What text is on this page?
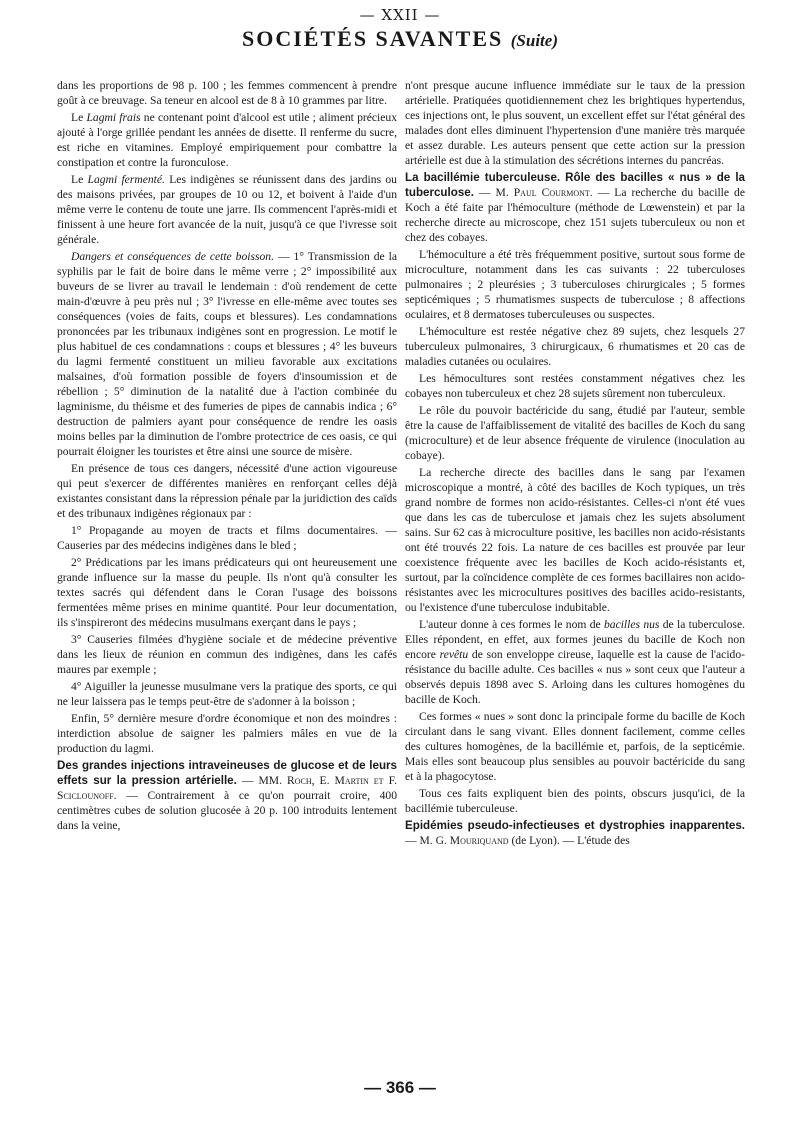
— XXII —
SOCIÉTÉS SAVANTES (Suite)

dans les proportions de 98 p. 100 ; les femmes commencent à prendre goût à ce breuvage. Sa teneur en alcool est de 8 à 10 grammes par litre.

Le Lagmi frais ne contenant point d'alcool est utile ; aliment précieux ajouté à l'orge grillée pendant les années de disette. Il renferme du sucre, est riche en vitamines. Employé empiriquement pour combattre la constipation et contre la furonculose.

Le Lagmi fermenté. Les indigènes se réunissent dans des jardins ou des maisons privées, par groupes de 10 ou 12, et boivent à l'aide d'un même verre le contenu de toute une jarre. Ils commencent l'après-midi et finissent à une heure fort avancée de la nuit, jusqu'à ce que l'ivresse soit générale.

Dangers et conséquences de cette boisson. — 1° Transmission de la syphilis par le fait de boire dans le même verre ; 2° impossibilité aux buveurs de se livrer au travail le lendemain : d'où rendement de cette main-d'œuvre à peu près nul ; 3° l'ivresse en elle-même avec toutes ses conséquences (voies de faits, coups et blessures). Les condamnations prononcées par les tribunaux indigènes sont en progression. Le motif le plus habituel de ces condamnations : coups et blessures ; 4° les buveurs du lagmi fermenté constituent un milieu favorable aux excitations malsaines, d'où formation possible de foyers d'insoumission et de rébellion ; 5° diminution de la natalité due à l'action combinée du lagminisme, du théisme et des fumeries de pipes de cannabis indica ; 6° destruction de palmiers ayant pour conséquence de rendre les oasis moins belles par la diminution de l'ombre protectrice de ces oasis, ce qui pourrait éloigner les touristes et être ainsi une source de misère.

En présence de tous ces dangers, nécessité d'une action vigoureuse qui peut s'exercer de différentes manières en renforçant celles déjà existantes consistant dans la répression pénale par la juridiction des caïds et des tribunaux indigènes régionaux par :

1° Propagande au moyen de tracts et films documentaires. — Causeries par des médecins indigènes dans le bled ;

2° Prédications par les imans prédicateurs qui ont heureusement une grande influence sur la masse du peuple. Ils n'ont qu'à consulter les textes sacrés qui défendent dans le Coran l'usage des boissons fermentées même prises en minime quantité. Pour leur documentation, ils s'inspireront des médecins musulmans exerçant dans le pays ;

3° Causeries filmées d'hygiène sociale et de médecine préventive dans les lieux de réunion en commun des indigènes, dans les cafés maures par exemple ;

4° Aiguiller la jeunesse musulmane vers la pratique des sports, ce qui ne leur laissera pas le temps peut-être de s'adonner à la boisson ;

Enfin, 5° dernière mesure d'ordre économique et non des moindres : interdiction absolue de saigner les palmiers mâles en vue de la production du lagmi.

Des grandes injections intraveineuses de glucose et de leurs effets sur la pression artérielle. — MM. Roch, E. Martin et F. Sciclounoff. — Contrairement à ce qu'on pourrait croire, 400 centimètres cubes de solution glucosée à 20 p. 100 introduits lentement dans la veine,

n'ont presque aucune influence immédiate sur le taux de la pression artérielle. Pratiquées quotidiennement chez les brightiques hypertendus, ces injections ont, le plus souvent, un excellent effet sur l'état général des malades dont elles diminuent l'hypertension d'une manière très marquée et assez durable. Les auteurs pensent que cette action sur la pression artérielle est due à la stimulation des sécrétions internes du pancréas.

La bacillémie tuberculeuse. Rôle des bacilles « nus » de la tuberculose. — M. Paul Courmont. — La recherche du bacille de Koch a été faite par l'hémoculture (méthode de Lœwenstein) et par la recherche directe au microscope, chez 151 sujets tuberculeux ou non et chez des cobayes.

L'hémoculture a été très fréquemment positive, surtout sous forme de microculture, notamment dans les cas suivants : 22 tuberculoses pulmonaires ; 2 pleurésies ; 3 tuberculoses chirurgicales ; 5 formes septicémiques ; 5 rhumatismes suspects de tuberculose ; 8 affections oculaires, et 8 dermatoses tuberculeuses ou suspectes.

L'hémoculture est restée négative chez 89 sujets, chez lesquels 27 tuberculeux pulmonaires, 3 chirurgicaux, 6 rhumatismes et 20 cas de maladies cutanées ou oculaires.

Les hémocultures sont restées constamment négatives chez les cobayes non tuberculeux et chez 28 sujets sûrement non tuberculeux.

Le rôle du pouvoir bactéricide du sang, étudié par l'auteur, semble être la cause de l'affaiblissement de vitalité des bacilles de Koch du sang (microculture) et de leur absence fréquente de virulence (inoculation au cobaye).

La recherche directe des bacilles dans le sang par l'examen microscopique a montré, à côté des bacilles de Koch typiques, un très grand nombre de formes non acido-résistantes. Celles-ci n'ont été vues que dans les cas de tuberculose et jamais chez les sujets absolument sains. Sur 62 cas à microculture positive, les bacilles non acido-résistants ont été trouvés 22 fois. La nature de ces bacilles est prouvée par leur coexistence fréquente avec les bacilles de Koch acido-résistants et, surtout, par la coïncidence complète de ces formes bacillaires non acido-résistantes avec les microcultures positives des bacilles acido-resistants, ou l'existence d'une tuberculose indubitable.

L'auteur donne à ces formes le nom de bacilles nus de la tuberculose. Elles répondent, en effet, aux formes jeunes du bacille de Koch non encore revêtu de son enveloppe cireuse, laquelle est la cause de l'acido-résistance du bacille adulte. Ces bacilles « nus » sont ceux que l'auteur a observés depuis 1898 avec S. Arloing dans les cultures homogènes du bacille de Koch.

Ces formes « nues » sont donc la principale forme du bacille de Koch circulant dans le sang vivant. Elles donnent facilement, comme celles des cultures homogènes, de la bacillémie et, parfois, de la septicémie. Mais elles sont beaucoup plus sensibles au pouvoir bactéricide du sang et à la phagocytose.

Tous ces faits expliquent bien des points, obscurs jusqu'ici, de la bacillémie tuberculeuse.

Epidémies pseudo-infectieuses et dystrophies inapparentes. — M. G. Mouriquand (de Lyon). — L'étude des
— 366 —
